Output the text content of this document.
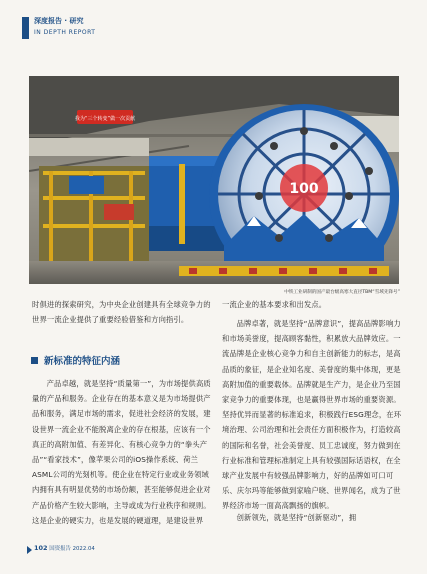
深度报告 · 研究
IN DEPTH REPORT
我为“三个转变”做一次贡献
100
中铁工业研制的国产最台级高寒大直径TBM“雪域先锋号”
时俱进的探索研究，为中央企业创建具有全球竞争力的世界一流企业提供了重要经验借鉴和方向指引。
新标准的特征内涵
产品卓越，就是坚持“质量第一”，为市场提供高质量的产品和服务。企业存在的基本意义是为市场提供产品和服务，满足市场的需求，促进社会经济的发展，建设世界一流企业不能脱离企业的存在根基，应该有一个真正的高附加值、有差异化、有核心竞争力的“拳头产品”“看家技术”，像苹果公司的iOS操作系统、荷兰ASML公司的光刻机等。使企业在特定行业或业务领域内拥有具有明显优势的市场份额，甚至能够促进企业对产品价格产生较大影响，主导或成为行业秩序和规则。这是企业的硬实力，也是发展的硬道理，是建设世界
一流企业的基本要求和出发点。
品牌卓著，就是坚持“品牌意识”，提高品牌影响力和市场美誉度，提高顾客黏性，积累放大品牌效应。一流品牌是企业核心竞争力和自主创新能力的标志，是高品质的象征，是企业知名度、美誉度的集中体现，更是高附加值的重要载体。品牌就是生产力，是企业乃至国家竞争力的重要体现，也是赢得世界市场的重要资源。坚持优异而显著的标准追求，积极践行ESG理念，在环境治理、公司治理和社会责任方面积极作为，打造较高的国际和名誉，社会美誉度、员工忠诚度，努力做到在行业标准和管理标准制定上具有较强国际话语权，在全球产业发展中有较强品牌影响力，好的品牌如可口可乐、庆尔玛等能够做到家喻户晓、世界闻名，成为了世界经济市场一面高高飘扬的旗帜。
创新领先，就是坚持“创新驱动”，拥
102 国资报告 2022.04
